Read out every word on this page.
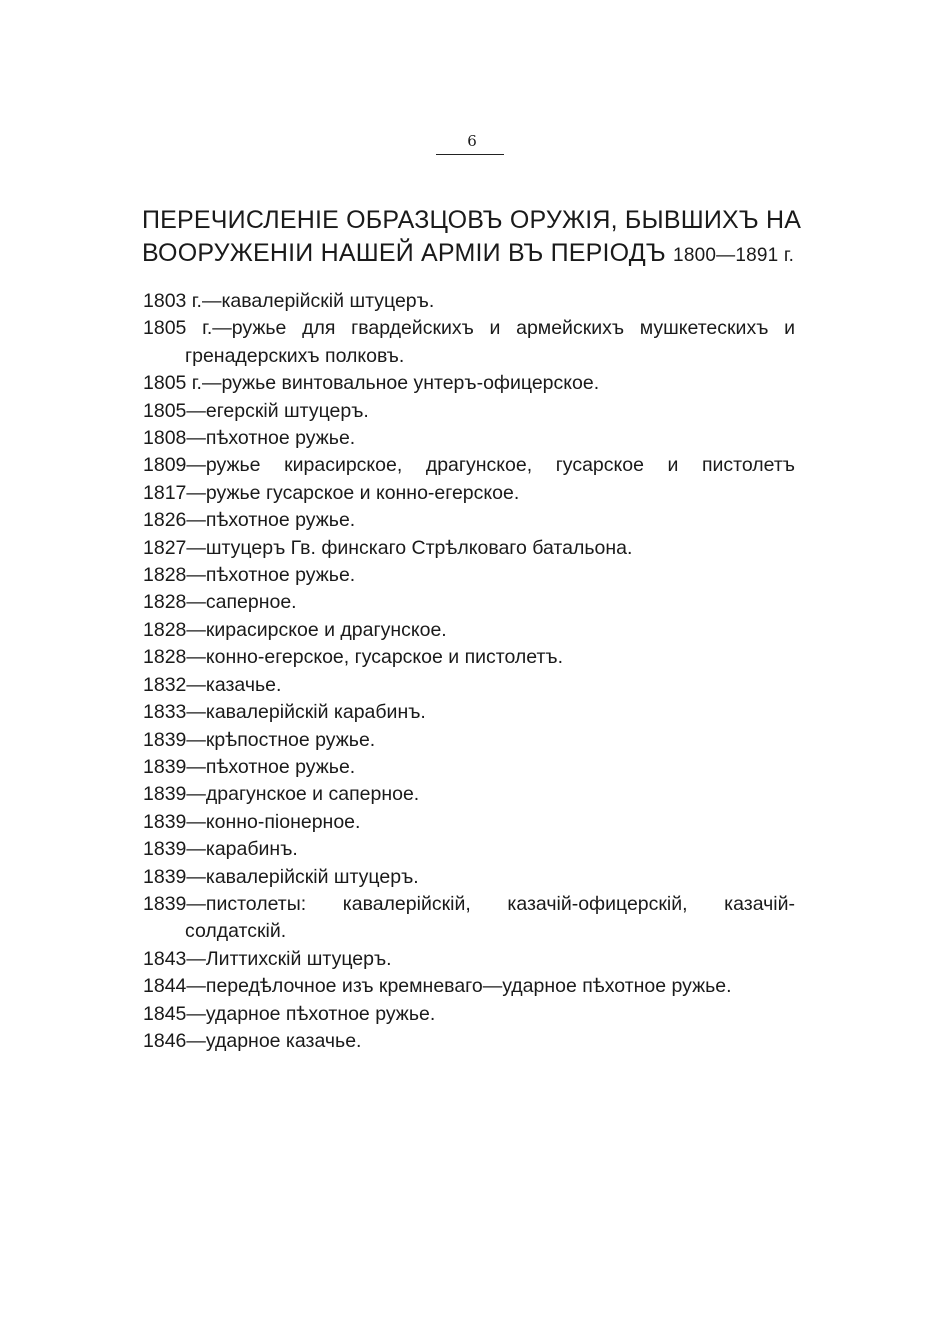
6
ПЕРЕЧИСЛЕНІЕ ОБРАЗЦОВЪ ОРУЖІЯ, БЫВШИХЪ НА
ВООРУЖЕНІИ НАШЕЙ АРМІИ ВЪ ПЕРІОДЪ 1800—1891 г.
1803 г.—кавалерійскій штуцеръ.
1805 г.—ружье для гвардейскихъ и армейскихъ мушкетескихъ и гренадерскихъ полковъ.
1805 г.—ружье винтовальное унтеръ-офицерское.
1805—егерскій штуцеръ.
1808—пѣхотное ружье.
1809—ружье кирасирское, драгунское, гусарское и пистолетъ
1817—ружье гусарское и конно-егерское.
1826—пѣхотное ружье.
1827—штуцеръ Гв. финскаго Стрѣлковаго батальона.
1828—пѣхотное ружье.
1828—саперное.
1828—кирасирское и драгунское.
1828—конно-егерское, гусарское и пистолетъ.
1832—казачье.
1833—кавалерійскій карабинъ.
1839—крѣпостное ружье.
1839—пѣхотное ружье.
1839—драгунское и саперное.
1839—конно-піонерное.
1839—карабинъ.
1839—кавалерійскій штуцеръ.
1839—пистолеты: кавалерійскій, казачій-офицерскій, казачій-солдатскій.
1843—Литтихскій штуцеръ.
1844—передѣлочное изъ кремневаго—ударное пѣхотное ружье.
1845—ударное пѣхотное ружье.
1846—ударное казачье.
